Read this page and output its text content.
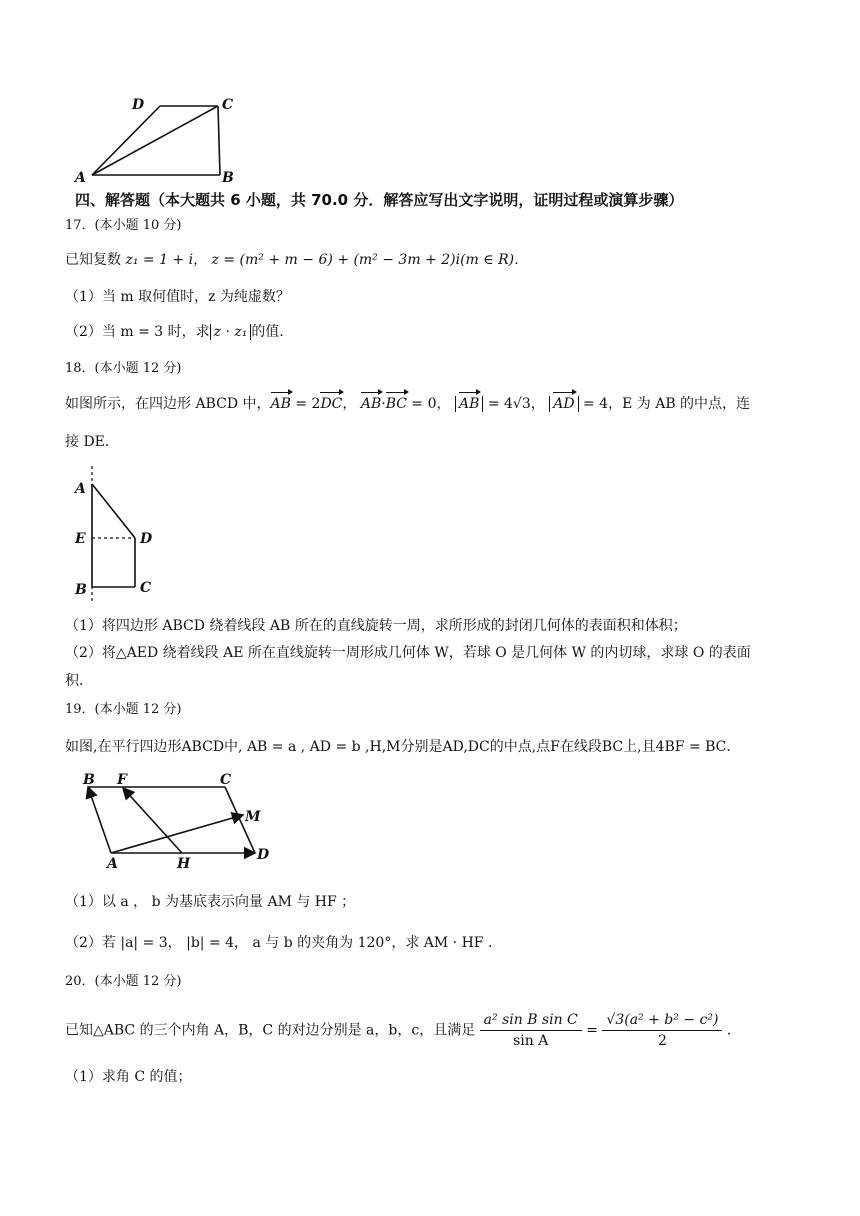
D	C
A	B
四、解答题（本大题共 6 小题，共 70.0 分．解答应写出文字说明，证明过程或演算步骤）
17．(本小题 10 分)
已知复数 z₁ = 1 + i， z = (m² + m − 6) + (m² − 3m + 2)i(m ∈ R)．
（1）当 m 取何值时，z 为纯虚数？
（2）当 m = 3 时，求 z · z₁ 的值．
18．(本小题 12 分)
如图所示，在四边形 ABCD 中，AB = 2DC， AB·BC = 0， AB = 4√3， AD = 4，E 为 AB 的中点，连
接 DE．
A
E	D
B	C
（1）将四边形 ABCD 绕着线段 AB 所在的直线旋转一周，求所形成的封闭几何体的表面积和体积；
（2）将△AED 绕着线段 AE 所在直线旋转一周形成几何体 W，若球 O 是几何体 W 的内切球，求球 O 的表面
积．
19．(本小题 12 分)
如图,在平行四边形ABCD中, AB = a , AD = b ,H,M分别是AD,DC的中点,点F在线段BC上,且4BF = BC．
B F	C
M
A	H
D
（1）以 a ， b 为基底表示向量 AM 与 HF ；
（2）若 |a| = 3， |b| = 4， a 与 b 的夹角为 120°，求 AM · HF ．
20．(本小题 12 分)
已知△ABC 的三个内角 A，B，C 的对边分别是 a，b，c，且满足 $\frac{\text{a² sin B sin C}}{\text{sin A}} = \frac{\text{√3(a² + b² − c²)}}{2}$ ．
（1）求角 C 的值；
